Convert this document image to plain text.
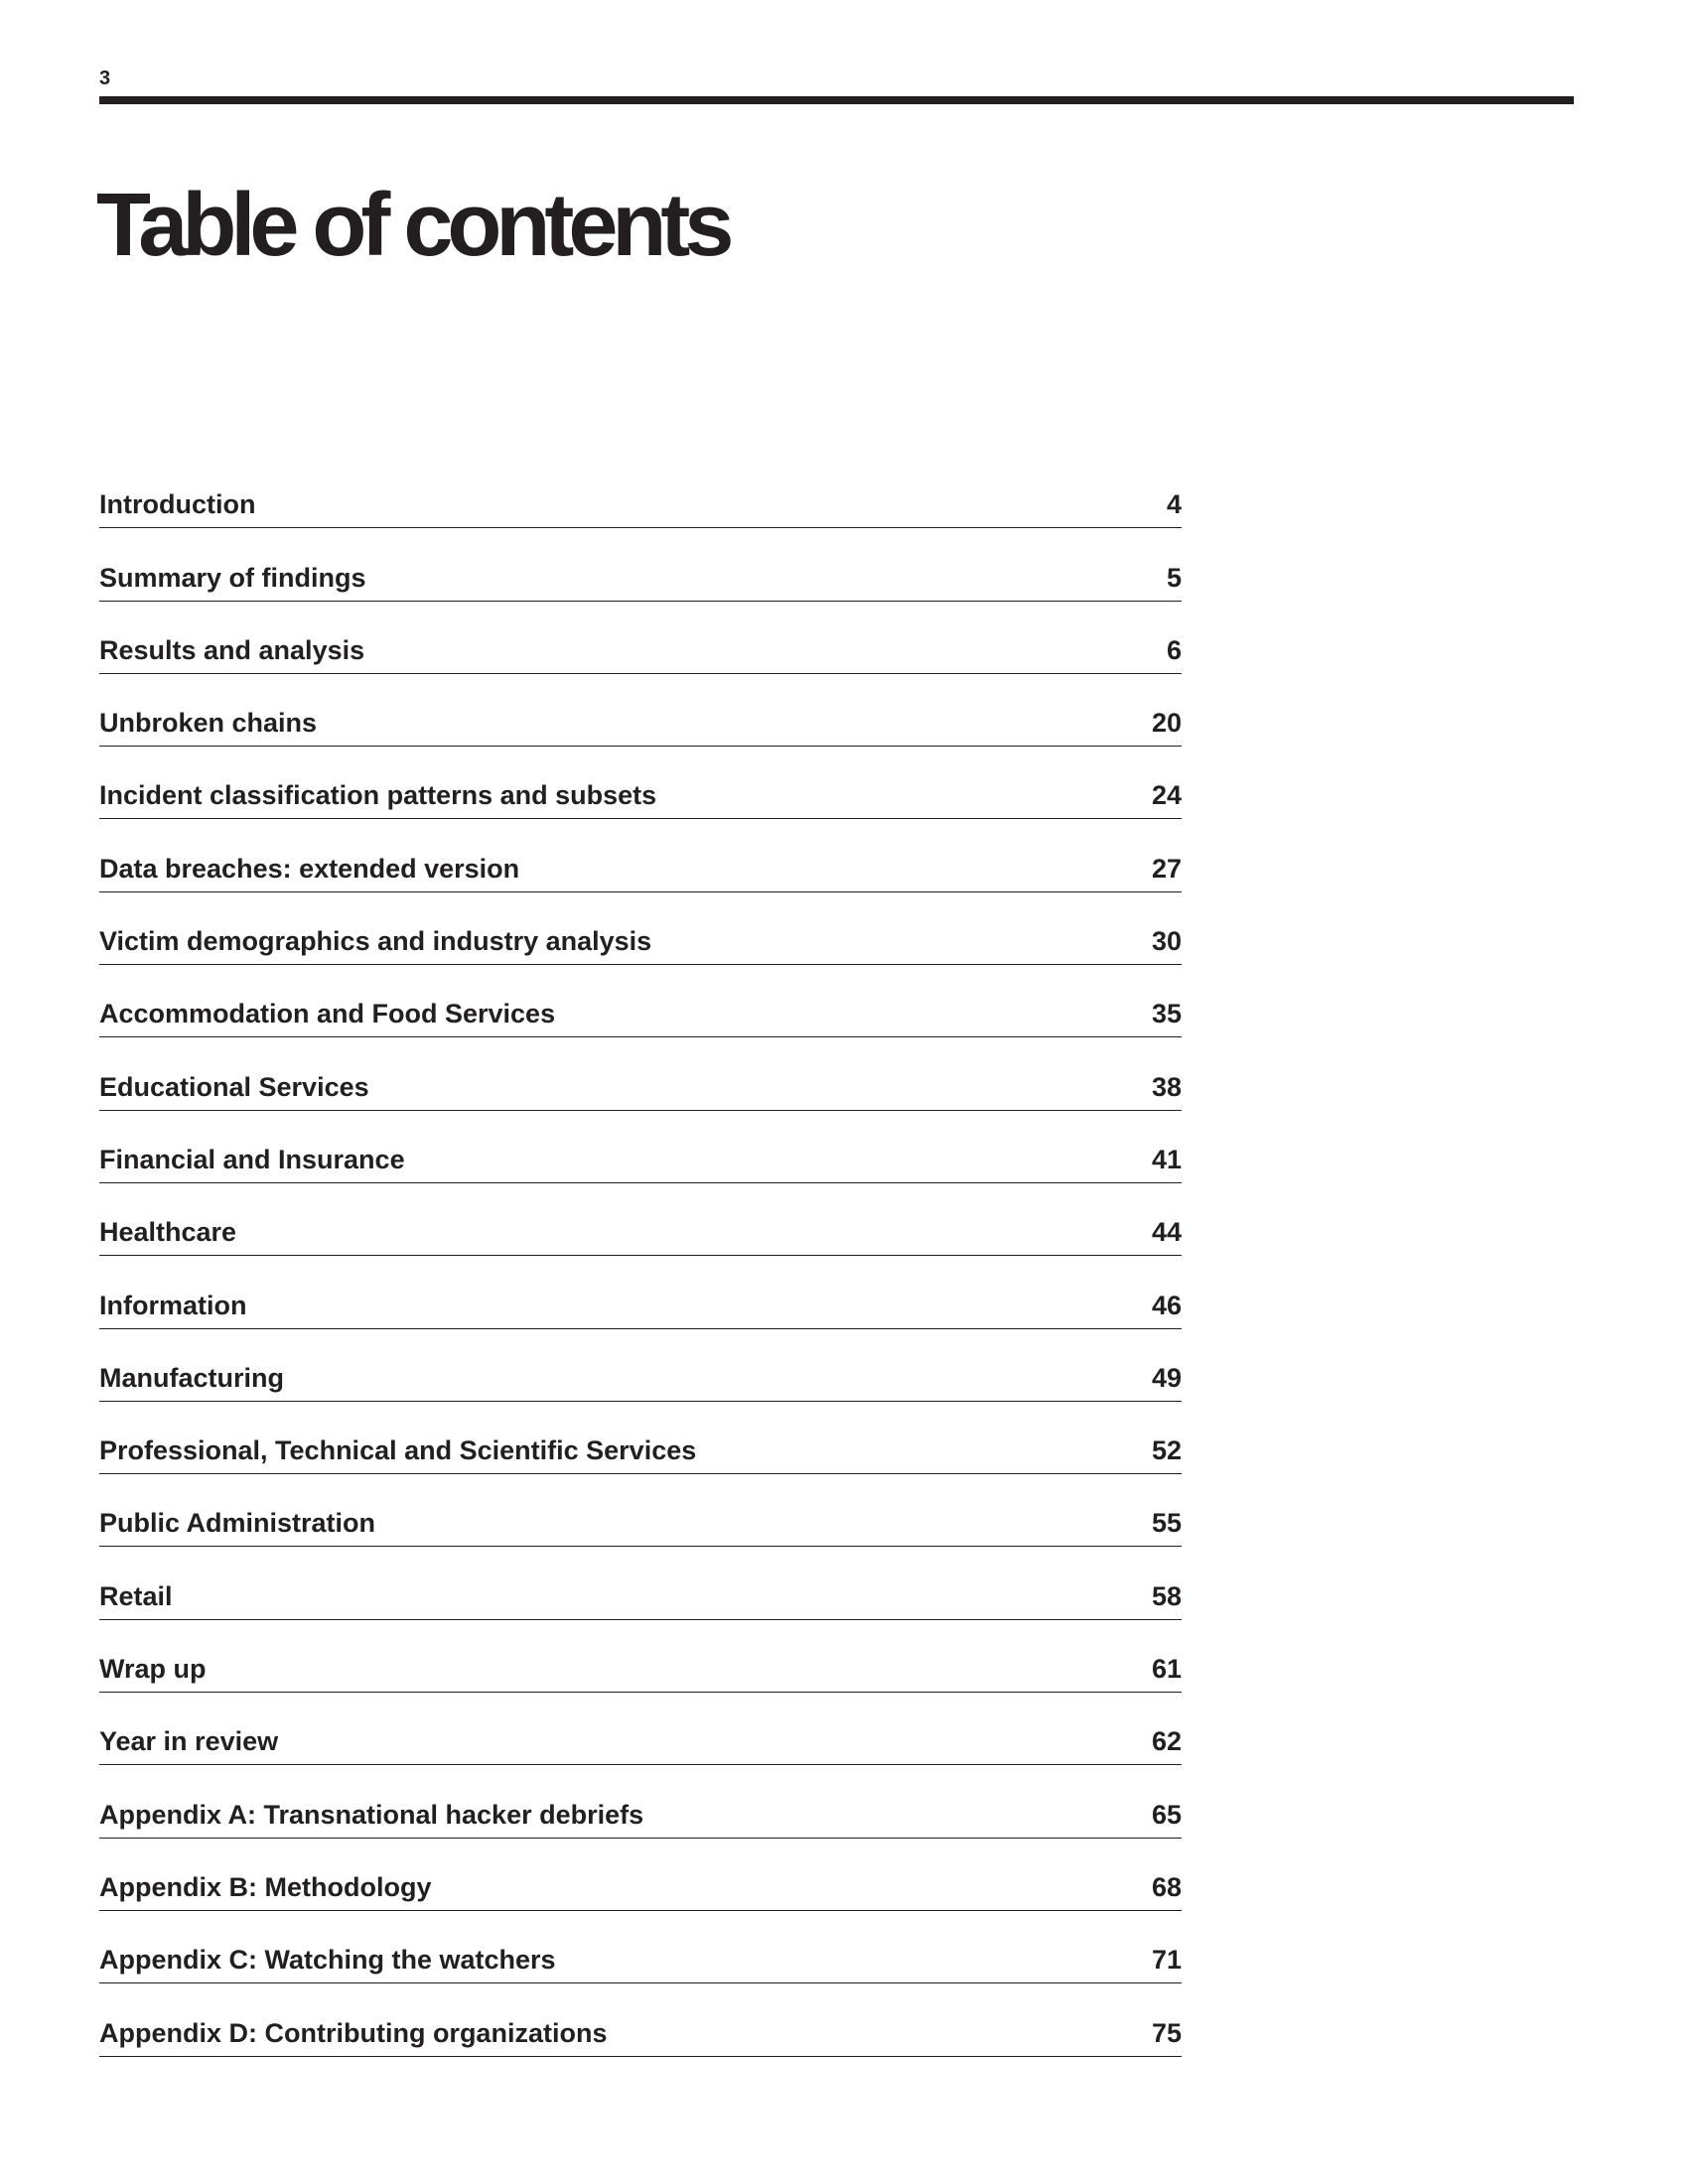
3
Table of contents
Introduction	4
Summary of findings	5
Results and analysis	6
Unbroken chains	20
Incident classification patterns and subsets	24
Data breaches: extended version	27
Victim demographics and industry analysis	30
Accommodation and Food Services	35
Educational Services	38
Financial and Insurance	41
Healthcare	44
Information	46
Manufacturing	49
Professional, Technical and Scientific Services	52
Public Administration	55
Retail	58
Wrap up	61
Year in review	62
Appendix A: Transnational hacker debriefs	65
Appendix B: Methodology	68
Appendix C: Watching the watchers	71
Appendix D: Contributing organizations	75
